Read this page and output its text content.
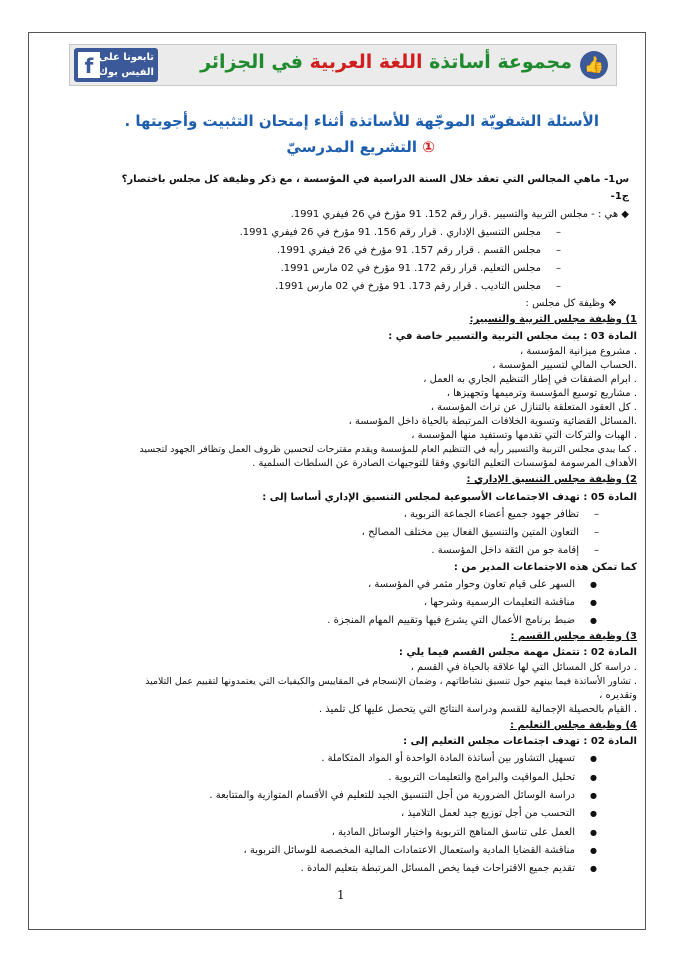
f تابعونا على
الفيس بوك	مجموعة أساتذة اللغة العربية في الجزائر	👍
الأسئلة الشفويّة الموجّهة للأساتذة أثناء إمتحان التثبيت وأجوبتها .
① التشريع المدرسيّ
س1- ماهي المجالس التي تعقد خلال السنة الدراسية في المؤسسة ، مع ذكر وظيفة كل مجلس باختصار؟
ج1-
◆ هي : - مجلس التربية والتسيير .قرار رقم 152. 91 مؤرخ في 26 فيفري 1991.
– مجلس التنسيق الإداري . قرار رقم 156. 91 مؤرخ في 26 فيفري 1991.
– مجلس القسم . قرار رقم 157. 91 مؤرخ في 26 فيفري 1991.
– مجلس التعليم. قرار رقم 172. 91 مؤرخ في 02 مارس 1991.
– مجلس التاديب . قرار رقم 173. 91 مؤرخ في 02 مارس 1991.
❖ وظيفة كل مجلس :
1) وظيفة مجلس التربية والتسيير:
المادة 03 : يبث مجلس التربية والتسيير خاصة في :
. مشروع ميزانية المؤسسة ،
.الحساب المالي لتسيير المؤسسة ،
. ابرام الصفقات في إطار التنظيم الجاري به العمل ،
. مشاريع توسيع المؤسسة وترميمها وتجهيزها ،
. كل العقود المتعلقة بالتنازل عن تراث المؤسسة ،
.المسائل القضائية وتسوية الخلافات المرتبطة بالحياة داخل المؤسسة ،
. الهبات والتركات التي تقدمها وتستفيد منها المؤسسة ،
. كما يبدي مجلس التربية والتسيير رأيه في التنظيم العام للمؤسسة ويقدم مقترحات لتحسين ظروف العمل وتظافر الجهود لتجسيد
الأهداف المرسومة لمؤسسات التعليم الثانوي وفقا للتوجيهات الصادرة عن السلطات السلمية .
2) وظيفة مجلس التنسيق الإداري :
المادة 05 : تهدف الاجتماعات الأسبوعية لمجلس التنسيق الإداري أساسا إلى :
– تظافر جهود جميع أعضاء الجماعة التربوية ،
– التعاون المتين والتنسيق الفعال بين مختلف المصالح ،
– إقامة جو من الثقة داخل المؤسسة .
كما تمكن هذه الاجتماعات المدير من :
● السهر على قيام تعاون وحوار مثمر في المؤسسة ،
● مناقشة التعليمات الرسمية وشرحها ،
● ضبط برنامج الأعمال التي يشرع فيها وتقييم المهام المنجزة .
3) وظيفة مجلس القسم :
المادة 02 : تتمثل مهمة مجلس القسم فيما يلي :
. دراسة كل المسائل التي لها علاقة بالحياة في القسم ،
. تشاور الأساتذة فيما بينهم حول تنسيق نشاطاتهم ، وضمان الإنسجام في المقاييس والكيفيات التي يعتمدونها لتقييم عمل التلاميذ
وتقديره ،
. القيام بالحصيلة الإجمالية للقسم ودراسة النتائج التي يتحصل عليها كل تلميذ .
4) وظيفة مجلس التعليم :
المادة 02 : تهدف اجتماعات مجلس التعليم إلى :
● تسهيل التشاور بين أساتذة المادة الواحدة أو المواد المتكاملة .
● تحليل المواقيت والبرامج والتعليمات التربوية .
● دراسة الوسائل الضرورية من أجل التنسيق الجيد للتعليم في الأقسام المتوازية والمتتابعة .
● التحسب من أجل توزيع جيد لعمل التلاميذ ،
● العمل على تناسق المناهج التربوية واختيار الوسائل المادية ،
● مناقشة القضايا المادية واستعمال الاعتمادات المالية المخصصة للوسائل التربوية ،
● تقديم جميع الاقتراحات فيما يخص المسائل المرتبطة بتعليم المادة .
1
